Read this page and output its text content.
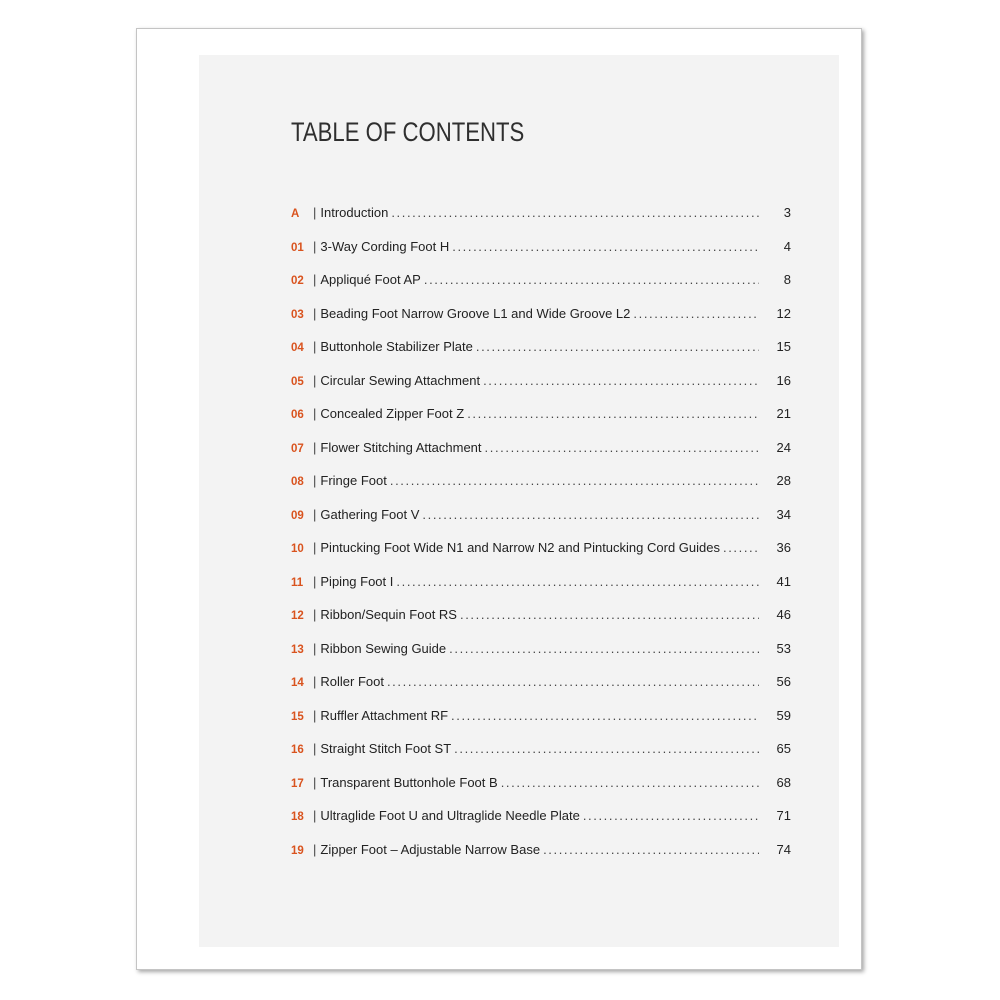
TABLE OF CONTENTS
A	| Introduction .....	3
01 | 3-Way Cording Foot H .....	4
02 | Appliqué Foot AP .....	8
03 | Beading Foot Narrow Groove L1 and Wide Groove L2 .....	12
04 | Buttonhole Stabilizer Plate .....	15
05 | Circular Sewing Attachment .....	16
06 | Concealed Zipper Foot Z .....	21
07 | Flower Stitching Attachment .....	24
08 | Fringe Foot .....	28
09 | Gathering Foot V .....	34
10 | Pintucking Foot Wide N1 and Narrow N2 and Pintucking Cord Guides .....	36
11 | Piping Foot I .....	41
12 | Ribbon/Sequin Foot RS .....	46
13 | Ribbon Sewing Guide .....	53
14 | Roller Foot .....	56
15 | Ruffler Attachment RF .....	59
16 | Straight Stitch Foot ST .....	65
17 | Transparent Buttonhole Foot B .....	68
18 | Ultraglide Foot U and Ultraglide Needle Plate .....	71
19 | Zipper Foot – Adjustable Narrow Base .....	74
